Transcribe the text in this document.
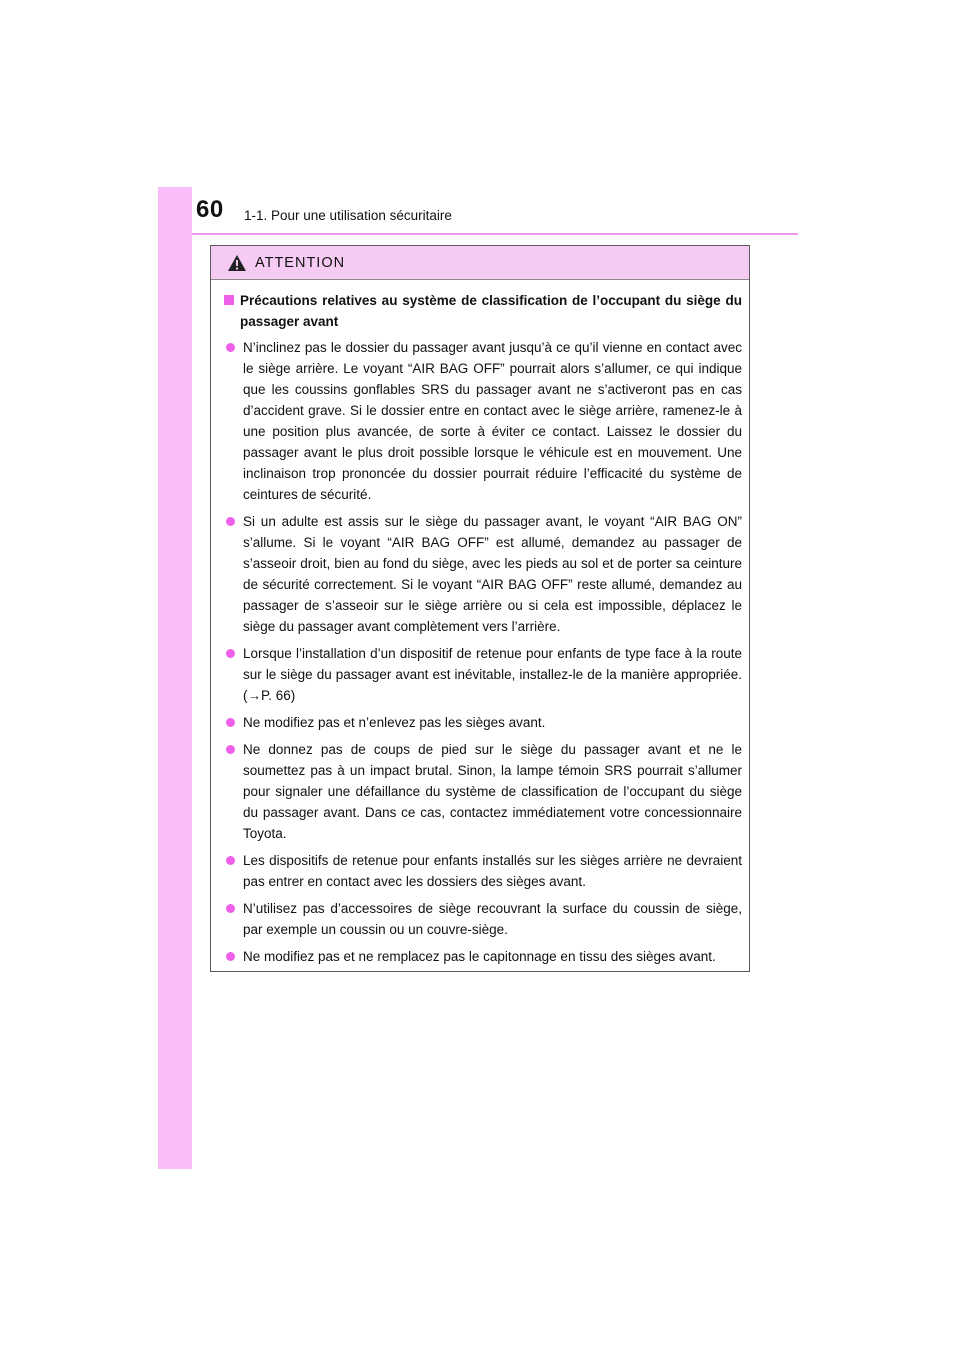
60 1-1. Pour une utilisation sécuritaire
ATTENTION
Précautions relatives au système de classification de l’occupant du siège du passager avant
N’inclinez pas le dossier du passager avant jusqu’à ce qu’il vienne en contact avec le siège arrière. Le voyant “AIR BAG OFF” pourrait alors s’allumer, ce qui indique que les coussins gonflables SRS du passager avant ne s’activeront pas en cas d’accident grave. Si le dossier entre en contact avec le siège arrière, ramenez-le à une position plus avancée, de sorte à éviter ce contact. Laissez le dossier du passager avant le plus droit possible lorsque le véhicule est en mouvement. Une inclinaison trop prononcée du dossier pourrait réduire l’efficacité du système de ceintures de sécurité.
Si un adulte est assis sur le siège du passager avant, le voyant “AIR BAG ON” s’allume. Si le voyant “AIR BAG OFF” est allumé, demandez au passager de s’asseoir droit, bien au fond du siège, avec les pieds au sol et de porter sa ceinture de sécurité correctement. Si le voyant “AIR BAG OFF” reste allumé, demandez au passager de s’asseoir sur le siège arrière ou si cela est impossible, déplacez le siège du passager avant complètement vers l’arrière.
Lorsque l’installation d’un dispositif de retenue pour enfants de type face à la route sur le siège du passager avant est inévitable, installez-le de la manière appropriée. (→P. 66)
Ne modifiez pas et n’enlevez pas les sièges avant.
Ne donnez pas de coups de pied sur le siège du passager avant et ne le soumettez pas à un impact brutal. Sinon, la lampe témoin SRS pourrait s’allumer pour signaler une défaillance du système de classification de l’occupant du siège du passager avant. Dans ce cas, contactez immédiatement votre concessionnaire Toyota.
Les dispositifs de retenue pour enfants installés sur les sièges arrière ne devraient pas entrer en contact avec les dossiers des sièges avant.
N’utilisez pas d’accessoires de siège recouvrant la surface du coussin de siège, par exemple un coussin ou un couvre-siège.
Ne modifiez pas et ne remplacez pas le capitonnage en tissu des sièges avant.
